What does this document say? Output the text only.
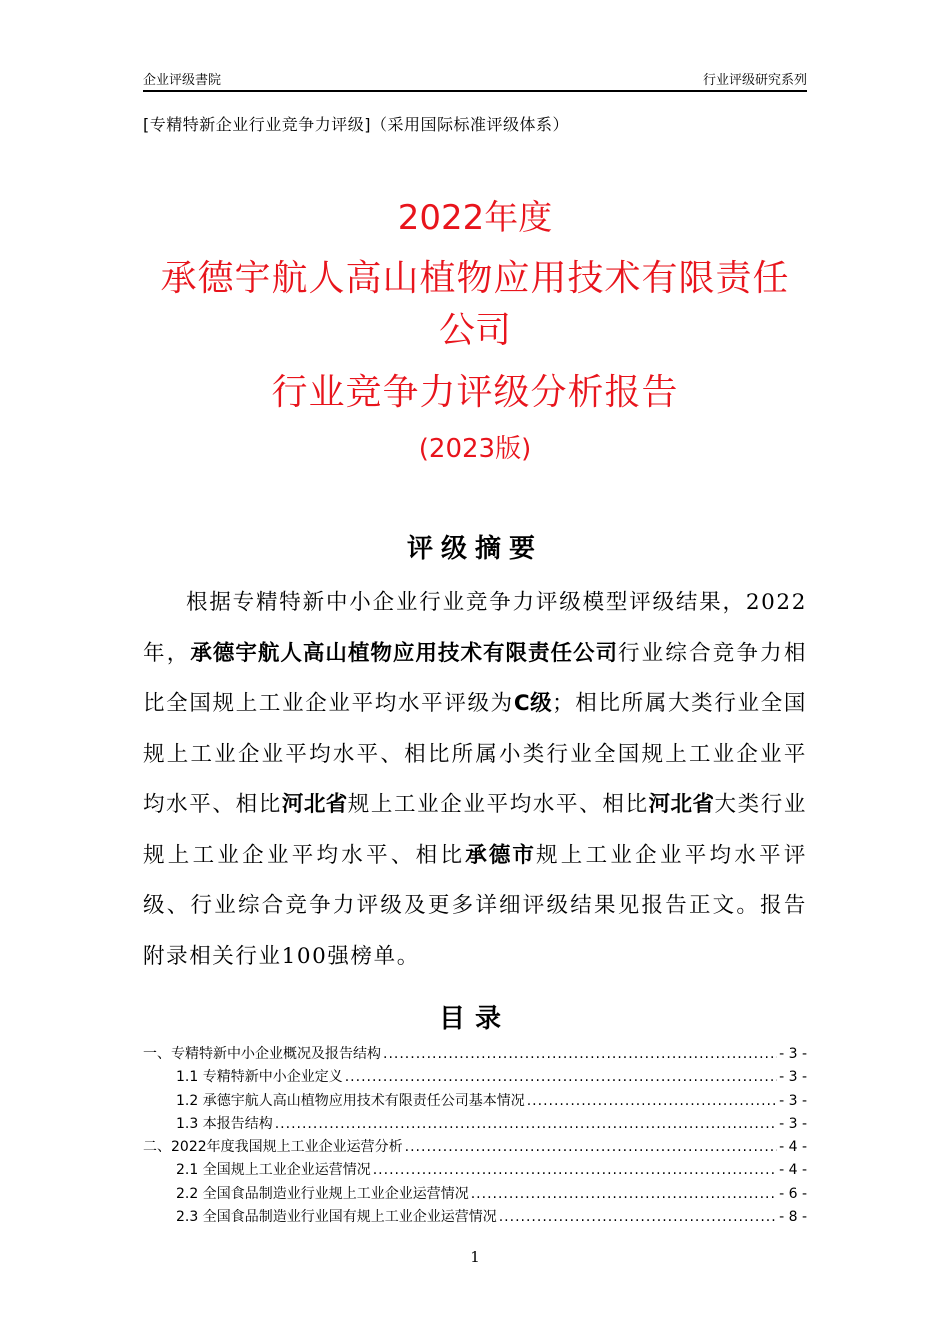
企业评级書院	行业评级研究系列
[专精特新企业行业竞争力评级]（采用国际标准评级体系）
2022年度
承德宇航人高山植物应用技术有限责任
公司
行业竞争力评级分析报告
(2023版)
评级摘要

根据专精特新中小企业行业竞争力评级模型评级结果，2022年，承德宇航人高山植物应用技术有限责任公司行业综合竞争力相比全国规上工业企业平均水平评级为C级；相比所属大类行业全国规上工业企业平均水平、相比所属小类行业全国规上工业企业平均水平、相比河北省规上工业企业平均水平、相比河北省大类行业规上工业企业平均水平、相比承德市规上工业企业平均水平评级、行业综合竞争力评级及更多详细评级结果见报告正文。报告附录相关行业100强榜单。

目录
一、专精特新中小企业概况及报告结构 .....	- 3 -
1.1 专精特新中小企业定义 .....	- 3 -
1.2 承德宇航人高山植物应用技术有限责任公司基本情况 .....	- 3 -
1.3 本报告结构 .....	- 3 -
二、2022年度我国规上工业企业运营分析 .....	- 4 -
2.1 全国规上工业企业运营情况 .....	- 4 -
2.2 全国食品制造业行业规上工业企业运营情况 .....	- 6 -
2.3 全国食品制造业行业国有规上工业企业运营情况 .....	- 8 -
1
